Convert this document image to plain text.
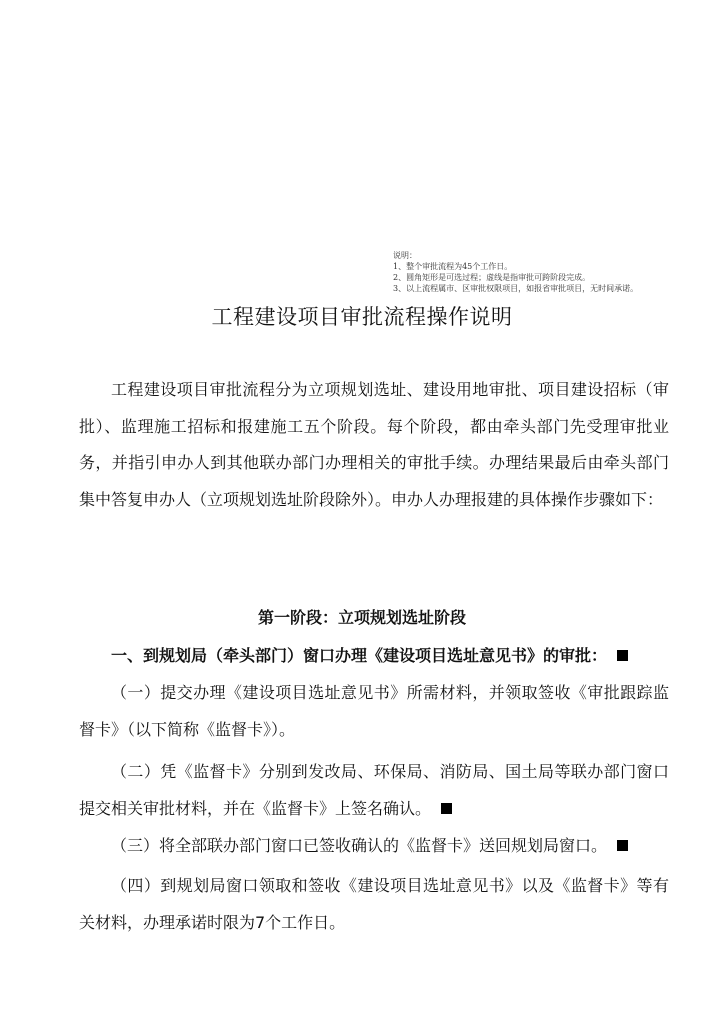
说明：
1、整个审批流程为45个工作日。
2、圆角矩形是可选过程；虚线是指审批可跨阶段完成。
3、以上流程属市、区审批权限项目，如报省审批项目，无时间承诺。
工程建设项目审批流程操作说明
工程建设项目审批流程分为立项规划选址、建设用地审批、项目建设招标（审批）、监理施工招标和报建施工五个阶段。每个阶段，都由牵头部门先受理审批业务，并指引申办人到其他联办部门办理相关的审批手续。办理结果最后由牵头部门集中答复申办人（立项规划选址阶段除外）。申办人办理报建的具体操作步骤如下：
第一阶段：立项规划选址阶段
一、到规划局（牵头部门）窗口办理《建设项目选址意见书》的审批：
（一）提交办理《建设项目选址意见书》所需材料，并领取签收《审批跟踪监督卡》（以下简称《监督卡》）。
（二）凭《监督卡》分别到发改局、环保局、消防局、国土局等联办部门窗口提交相关审批材料，并在《监督卡》上签名确认。
（三）将全部联办部门窗口已签收确认的《监督卡》送回规划局窗口。
（四）到规划局窗口领取和签收《建设项目选址意见书》以及《监督卡》等有关材料，办理承诺时限为7个工作日。
